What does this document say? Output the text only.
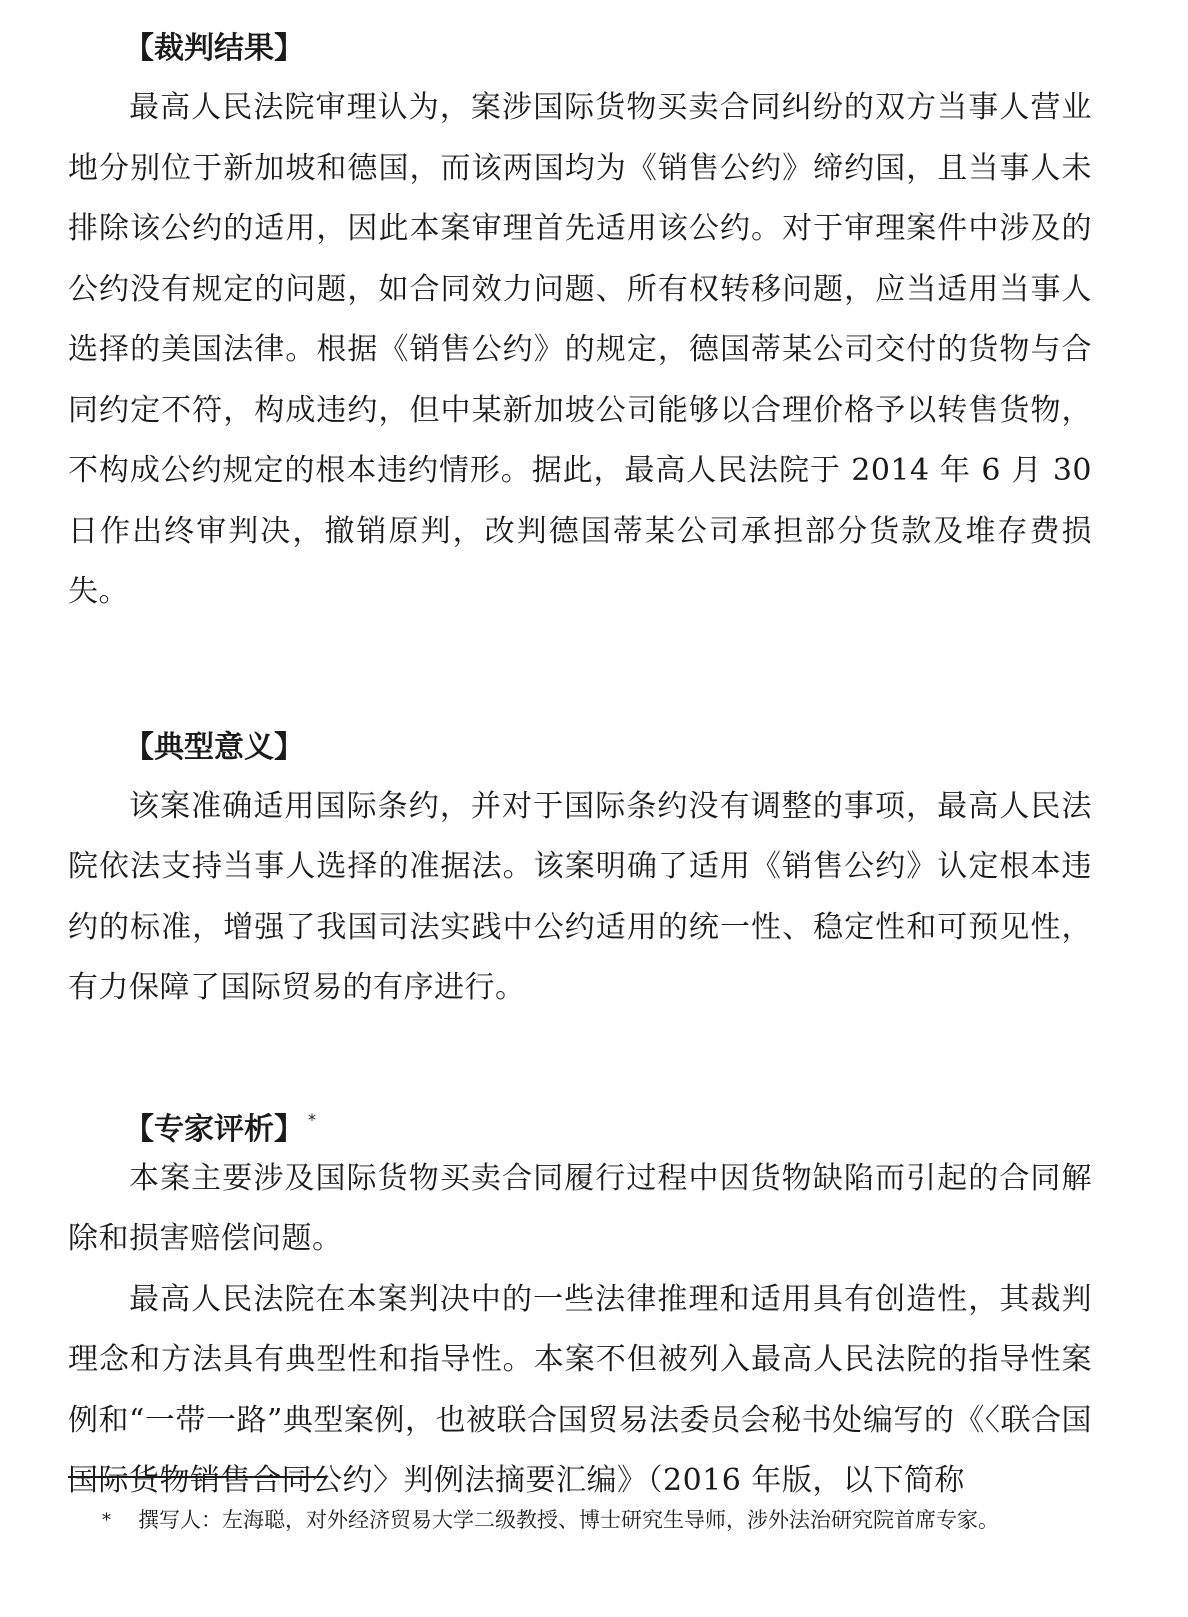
【裁判结果】

最高人民法院审理认为，案涉国际货物买卖合同纠纷的双方当事人营业地分别位于新加坡和德国，而该两国均为《销售公约》缔约国，且当事人未排除该公约的适用，因此本案审理首先适用该公约。对于审理案件中涉及的公约没有规定的问题，如合同效力问题、所有权转移问题，应当适用当事人选择的美国法律。根据《销售公约》的规定，德国蒂某公司交付的货物与合同约定不符，构成违约，但中某新加坡公司能够以合理价格予以转售货物，不构成公约规定的根本违约情形。据此，最高人民法院于 2014 年 6 月 30 日作出终审判决，撤销原判，改判德国蒂某公司承担部分货款及堆存费损失。

【典型意义】

该案准确适用国际条约，并对于国际条约没有调整的事项，最高人民法院依法支持当事人选择的准据法。该案明确了适用《销售公约》认定根本违约的标准，增强了我国司法实践中公约适用的统一性、稳定性和可预见性，有力保障了国际贸易的有序进行。

【专家评析】 *

本案主要涉及国际货物买卖合同履行过程中因货物缺陷而引起的合同解除和损害赔偿问题。

最高人民法院在本案判决中的一些法律推理和适用具有创造性，其裁判理念和方法具有典型性和指导性。本案不但被列入最高人民法院的指导性案例和“一带一路”典型案例，也被联合国贸易法委员会秘书处编写的《〈联合国国际货物销售合同公约〉判例法摘要汇编》（2016 年版，以下简称

* 撰写人：左海聪，对外经济贸易大学二级教授、博士研究生导师，涉外法治研究院首席专家。
